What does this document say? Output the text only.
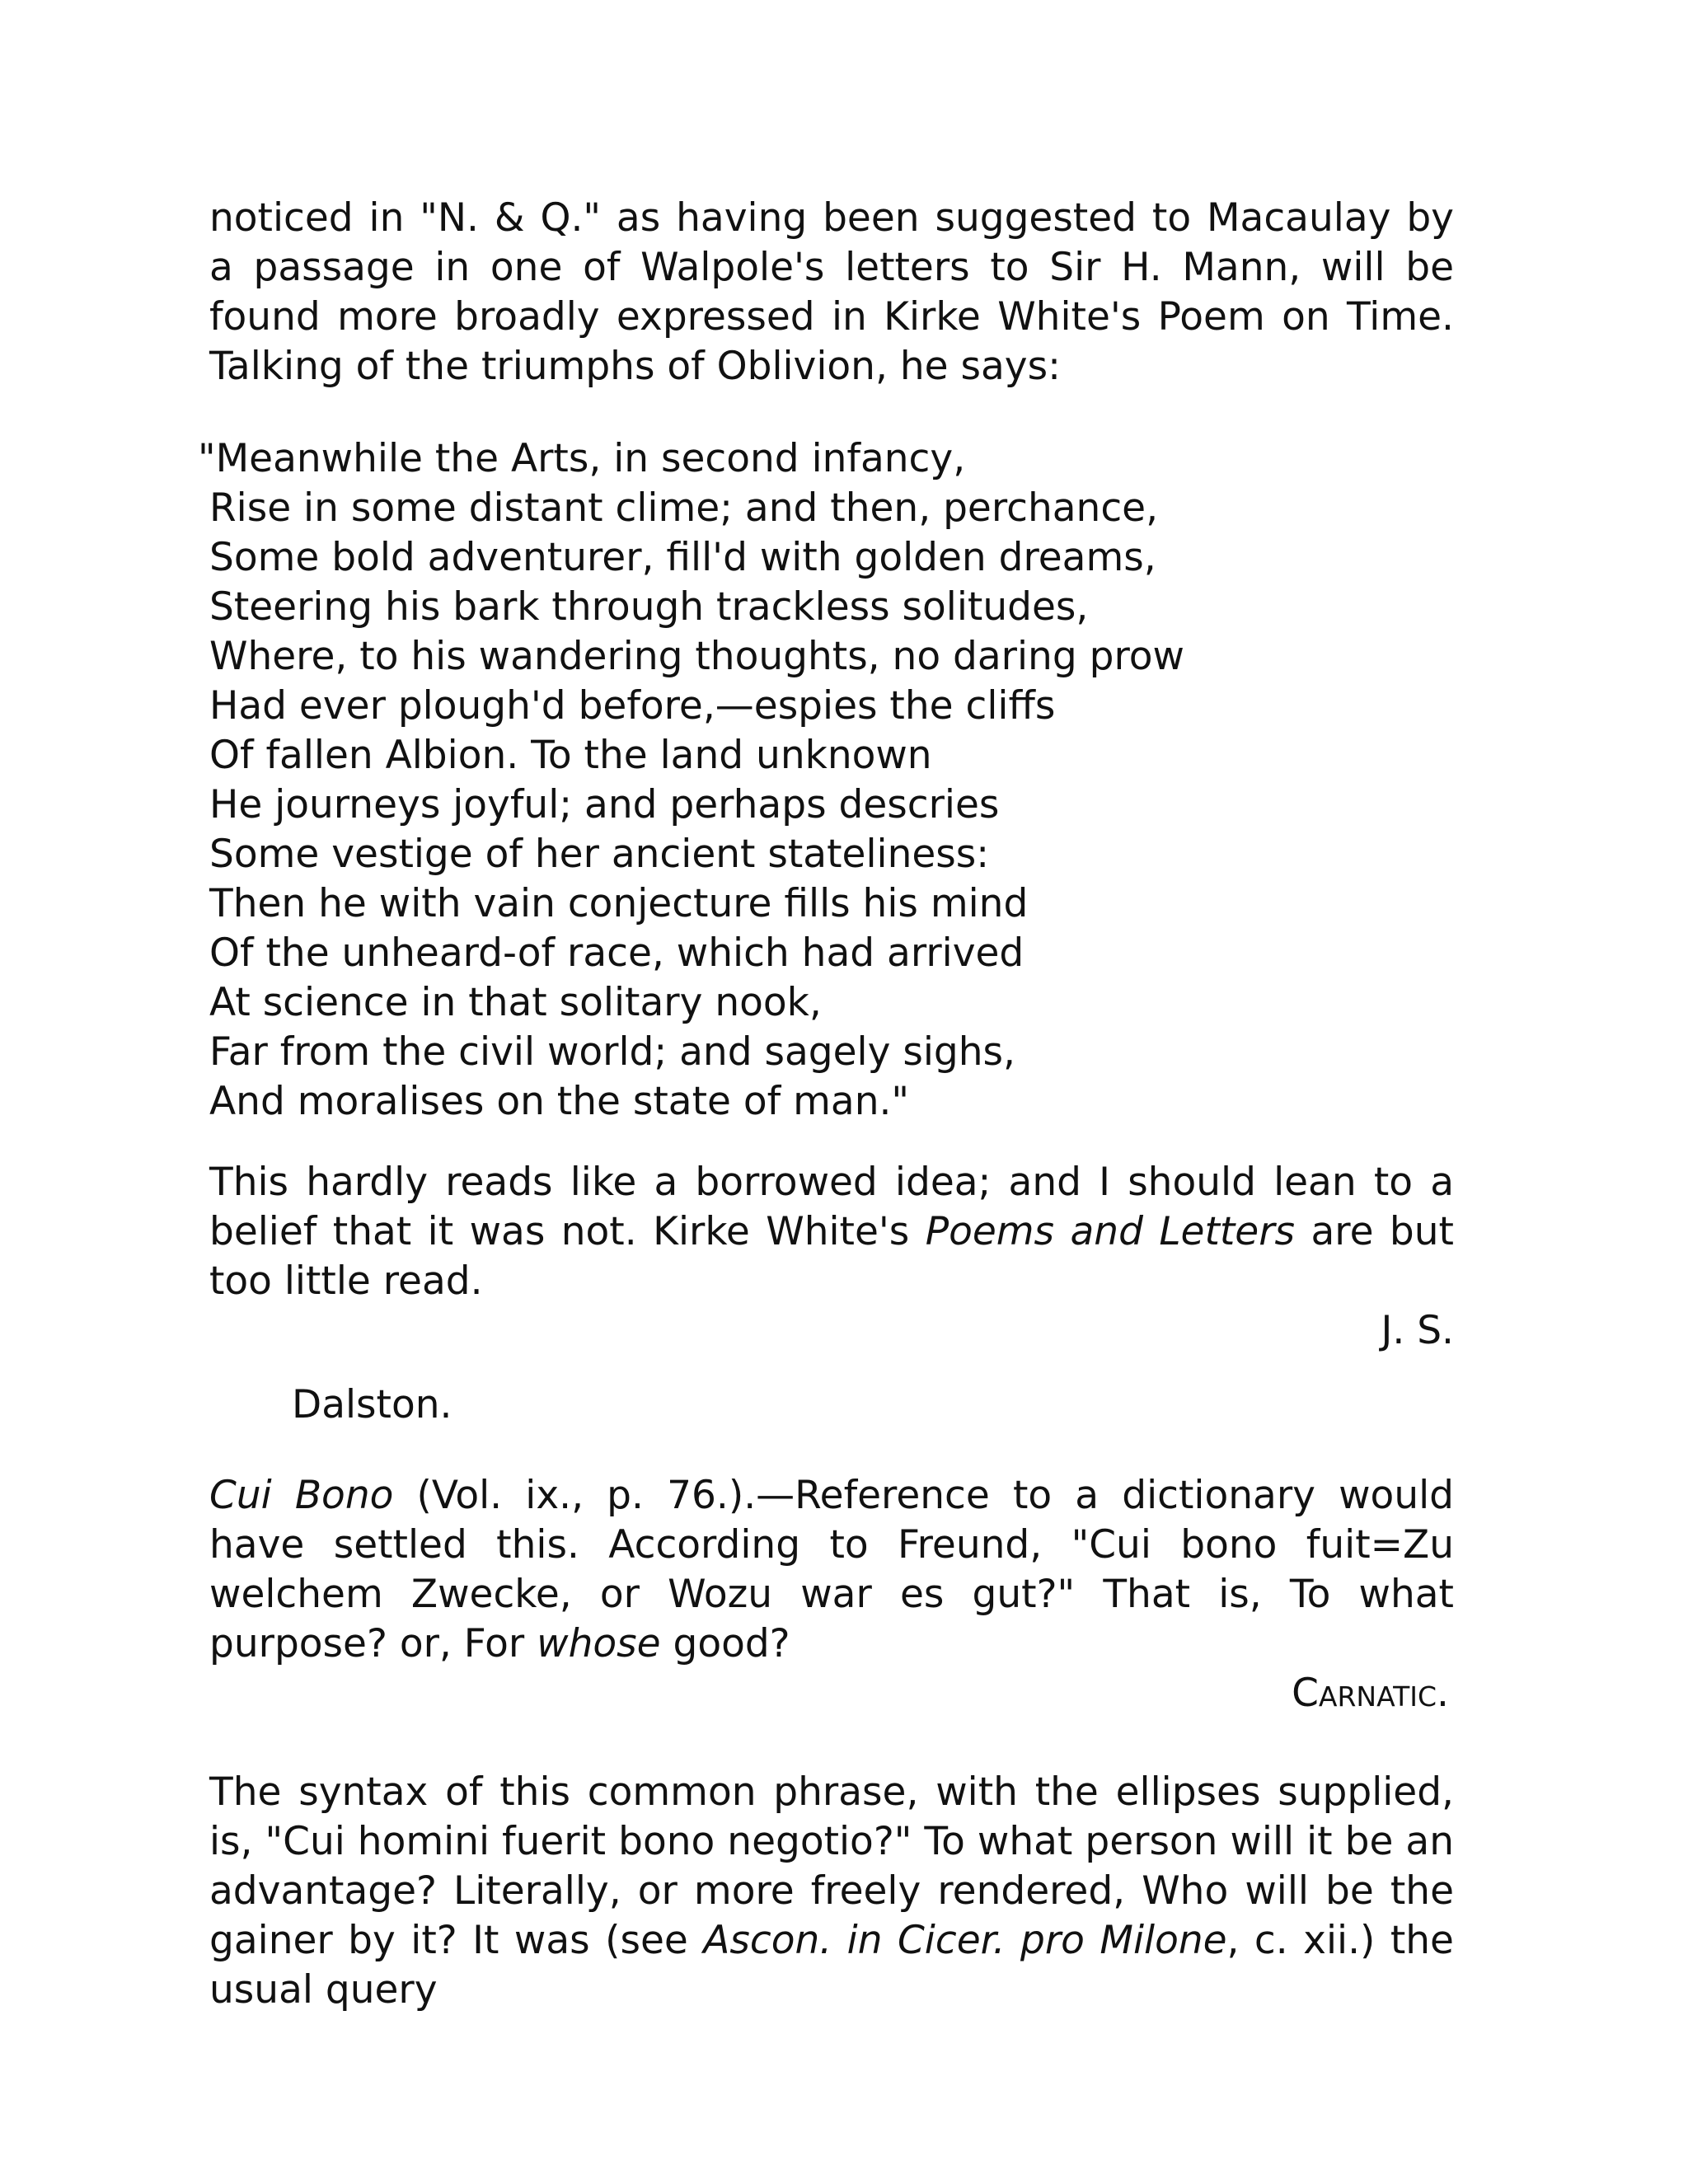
noticed in "N. & Q." as having been suggested to Macaulay by a passage in one of Walpole's letters to Sir H. Mann, will be found more broadly expressed in Kirke White's Poem on Time. Talking of the triumphs of Oblivion, he says:

"Meanwhile the Arts, in second infancy,
Rise in some distant clime; and then, perchance,
Some bold adventurer, fill'd with golden dreams,
Steering his bark through trackless solitudes,
Where, to his wandering thoughts, no daring prow
Had ever plough'd before,—espies the cliffs
Of fallen Albion. To the land unknown
He journeys joyful; and perhaps descries
Some vestige of her ancient stateliness:
Then he with vain conjecture fills his mind
Of the unheard-of race, which had arrived
At science in that solitary nook,
Far from the civil world; and sagely sighs,
And moralises on the state of man."

This hardly reads like a borrowed idea; and I should lean to a belief that it was not. Kirke White's Poems and Letters are but too little read.

J. S.
Dalston.

Cui Bono (Vol. ix., p. 76.).—Reference to a dictionary would have settled this. According to Freund, "Cui bono fuit=Zu welchem Zwecke, or Wozu war es gut?" That is, To what purpose? or, For whose good?

Carnatic.

The syntax of this common phrase, with the ellipses supplied, is, "Cui homini fuerit bono negotio?" To what person will it be an advantage? Literally, or more freely rendered, Who will be the gainer by it? It was (see Ascon. in Cicer. pro Milone, c. xii.) the usual query
